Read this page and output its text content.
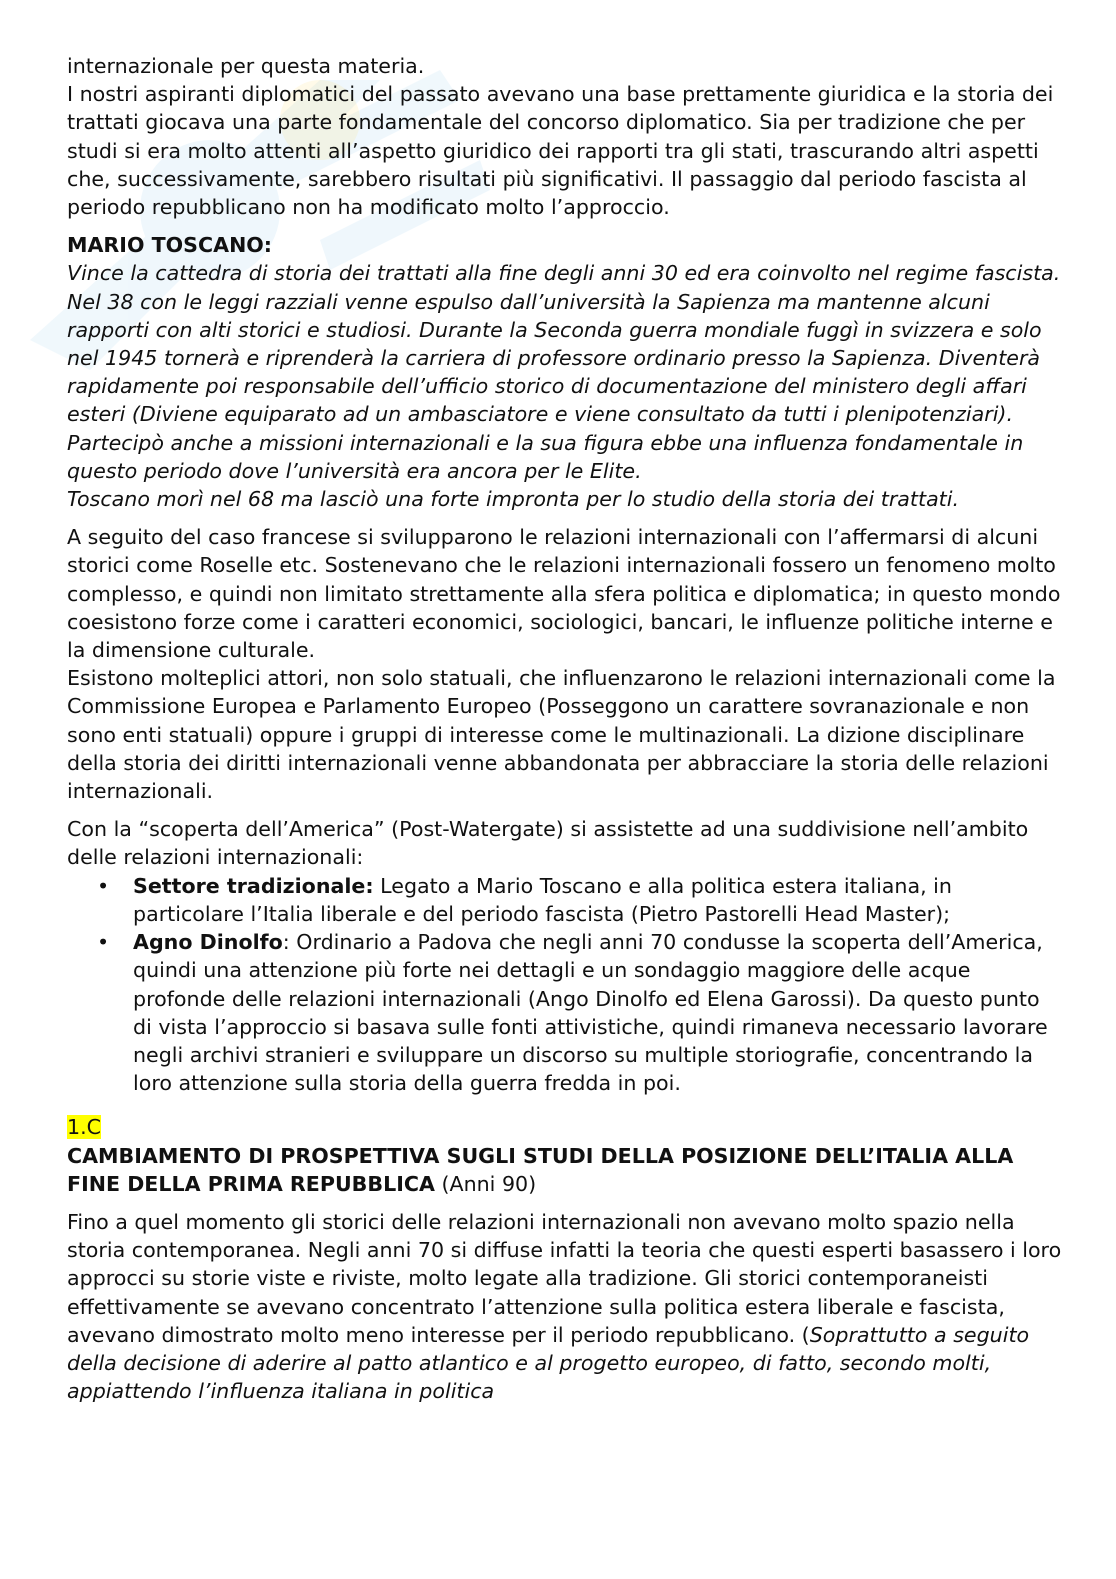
internazionale per questa materia.

I nostri aspiranti diplomatici del passato avevano una base prettamente giuridica e la storia dei trattati giocava una parte fondamentale del concorso diplomatico. Sia per tradizione che per studi si era molto attenti all’aspetto giuridico dei rapporti tra gli stati, trascurando altri aspetti che, successivamente, sarebbero risultati più significativi. Il passaggio dal periodo fascista al periodo repubblicano non ha modificato molto l’approccio.

MARIO TOSCANO:

Vince la cattedra di storia dei trattati alla fine degli anni 30 ed era coinvolto nel regime fascista. Nel 38 con le leggi razziali venne espulso dall’università la Sapienza ma mantenne alcuni rapporti con alti storici e studiosi. Durante la Seconda guerra mondiale fuggì in svizzera e solo nel 1945 tornerà e riprenderà la carriera di professore ordinario presso la Sapienza. Diventerà rapidamente poi responsabile dell’ufficio storico di documentazione del ministero degli affari esteri (Diviene equiparato ad un ambasciatore e viene consultato da tutti i plenipotenziari). Partecipò anche a missioni internazionali e la sua figura ebbe una influenza fondamentale in questo periodo dove l’università era ancora per le Elite.

Toscano morì nel 68 ma lasciò una forte impronta per lo studio della storia dei trattati.

A seguito del caso francese si svilupparono le relazioni internazionali con l’affermarsi di alcuni storici come Roselle etc. Sostenevano che le relazioni internazionali fossero un fenomeno molto complesso, e quindi non limitato strettamente alla sfera politica e diplomatica; in questo mondo coesistono forze come i caratteri economici, sociologici, bancari, le influenze politiche interne e la dimensione culturale.

Esistono molteplici attori, non solo statuali, che influenzarono le relazioni internazionali come la Commissione Europea e Parlamento Europeo (Posseggono un carattere sovranazionale e non sono enti statuali) oppure i gruppi di interesse come le multinazionali. La dizione disciplinare della storia dei diritti internazionali venne abbandonata per abbracciare la storia delle relazioni internazionali.

Con la “scoperta dell’America” (Post-Watergate) si assistette ad una suddivisione nell’ambito delle relazioni internazionali:

• Settore tradizionale: Legato a Mario Toscano e alla politica estera italiana, in particolare l’Italia liberale e del periodo fascista (Pietro Pastorelli Head Master);
• Agno Dinolfo: Ordinario a Padova che negli anni 70 condusse la scoperta dell’America, quindi una attenzione più forte nei dettagli e un sondaggio maggiore delle acque profonde delle relazioni internazionali (Ango Dinolfo ed Elena Garossi). Da questo punto di vista l’approccio si basava sulle fonti attivistiche, quindi rimaneva necessario lavorare negli archivi stranieri e sviluppare un discorso su multiple storiografie, concentrando la loro attenzione sulla storia della guerra fredda in poi.

1.C

CAMBIAMENTO DI PROSPETTIVA SUGLI STUDI DELLA POSIZIONE DELL’ITALIA ALLA FINE DELLA PRIMA REPUBBLICA (Anni 90)

Fino a quel momento gli storici delle relazioni internazionali non avevano molto spazio nella storia contemporanea. Negli anni 70 si diffuse infatti la teoria che questi esperti basassero i loro approcci su storie viste e riviste, molto legate alla tradizione. Gli storici contemporaneisti effettivamente se avevano concentrato l’attenzione sulla politica estera liberale e fascista, avevano dimostrato molto meno interesse per il periodo repubblicano. (Soprattutto a seguito della decisione di aderire al patto atlantico e al progetto europeo, di fatto, secondo molti, appiattendo l’influenza italiana in politica
